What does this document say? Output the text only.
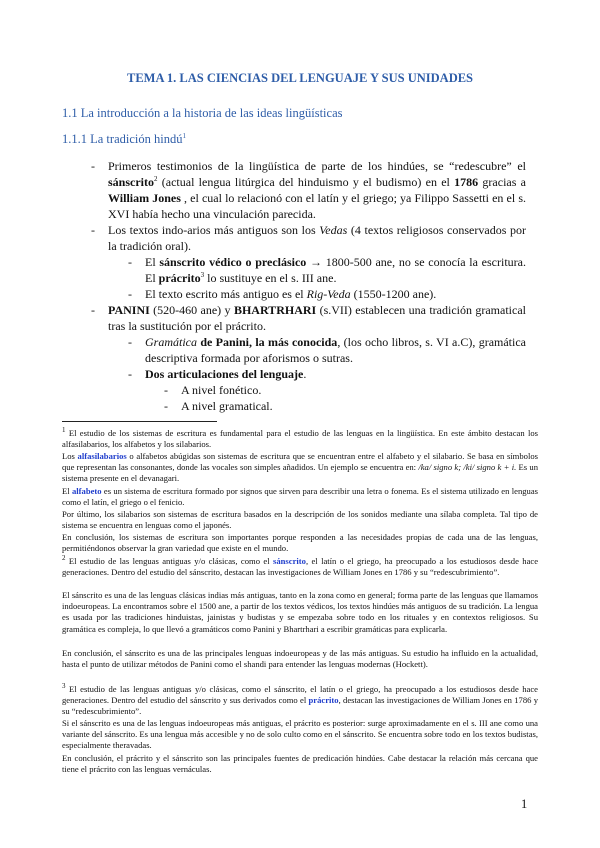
TEMA 1. LAS CIENCIAS DEL LENGUAJE Y SUS UNIDADES
1.1 La introducción a la historia de las ideas lingüísticas
1.1.1 La tradición hindú$^1$
- Primeros testimonios de la lingüística de parte de los hindúes, se “redescubre” el sánscrito$^2$ (actual lengua litúrgica del hinduismo y el budismo) en el 1786 gracias a William Jones , el cual lo relacionó con el latín y el griego; ya Filippo Sassetti en el s. XVI había hecho una vinculación parecida.
- Los textos indo-arios más antiguos son los Vedas (4 textos religiosos conservados por la tradición oral).
- El sánscrito védico o preclásico → 1800-500 ane, no se conocía la escritura. El prácrito$^3$ lo sustituye en el s. III ane.
- El texto escrito más antiguo es el Rig-Veda (1550-1200 ane).
- PANINI (520-460 ane) y BHARTRHARI (s.VII) establecen una tradición gramatical tras la sustitución por el prácrito.
- Gramática de Panini, la más conocida, (los ocho libros, s. VI a.C), gramática descriptiva formada por aforismos o sutras.
- Dos articulaciones del lenguaje.
- A nivel fonético.
- A nivel gramatical.
$^1$ El estudio de los sistemas de escritura es fundamental para el estudio de las lenguas en la lingüística. En este ámbito destacan los alfasilabarios, los alfabetos y los silabarios.
Los alfasilabarios o alfabetos abúgidas son sistemas de escritura que se encuentran entre el alfabeto y el silabario. Se basa en símbolos que representan las consonantes, donde las vocales son simples añadidos. Un ejemplo se encuentra en: /ka/ signo k; /ki/ signo k + i. Es un sistema presente en el devanagari.
El alfabeto es un sistema de escritura formado por signos que sirven para describir una letra o fonema. Es el sistema utilizado en lenguas como el latín, el griego o el fenicio.
Por último, los silabarios son sistemas de escritura basados en la descripción de los sonidos mediante una sílaba completa. Tal tipo de sistema se encuentra en lenguas como el japonés.
En conclusión, los sistemas de escritura son importantes porque responden a las necesidades propias de cada una de las lenguas, permitiéndonos observar la gran variedad que existe en el mundo.
$^2$ El estudio de las lenguas antiguas y/o clásicas, como el sánscrito, el latín o el griego, ha preocupado a los estudiosos desde hace generaciones. Dentro del estudio del sánscrito, destacan las investigaciones de William Jones en 1786 y su “redescubrimiento”.
El sánscrito es una de las lenguas clásicas indias más antiguas, tanto en la zona como en general; forma parte de las lenguas que llamamos indoeuropeas. La encontramos sobre el 1500 ane, a partir de los textos védicos, los textos hindúes más antiguos de su tradición. La lengua es usada por las tradiciones hinduistas, jainistas y budistas y se empezaba sobre todo en los rituales y en contextos religiosos. Su gramática es compleja, lo que llevó a gramáticos como Panini y Bhartrhari a escribir gramáticas para explicarla.
En conclusión, el sánscrito es una de las principales lenguas indoeuropeas y de las más antiguas. Su estudio ha influido en la actualidad, hasta el punto de utilizar métodos de Panini como el shandi para entender las lenguas modernas (Hockett).
$^3$ El estudio de las lenguas antiguas y/o clásicas, como el sánscrito, el latín o el griego, ha preocupado a los estudiosos desde hace generaciones. Dentro del estudio del sánscrito y sus derivados como el prácrito, destacan las investigaciones de William Jones en 1786 y su “redescubrimiento”.
Si el sánscrito es una de las lenguas indoeuropeas más antiguas, el prácrito es posterior: surge aproximadamente en el s. III ane como una variante del sánscrito. Es una lengua más accesible y no de solo culto como en el sánscrito. Se encuentra sobre todo en los textos budistas, especialmente theravadas.
En conclusión, el prácrito y el sánscrito son las principales fuentes de predicación hindúes. Cabe destacar la relación más cercana que tiene el prácrito con las lenguas vernáculas.
1
